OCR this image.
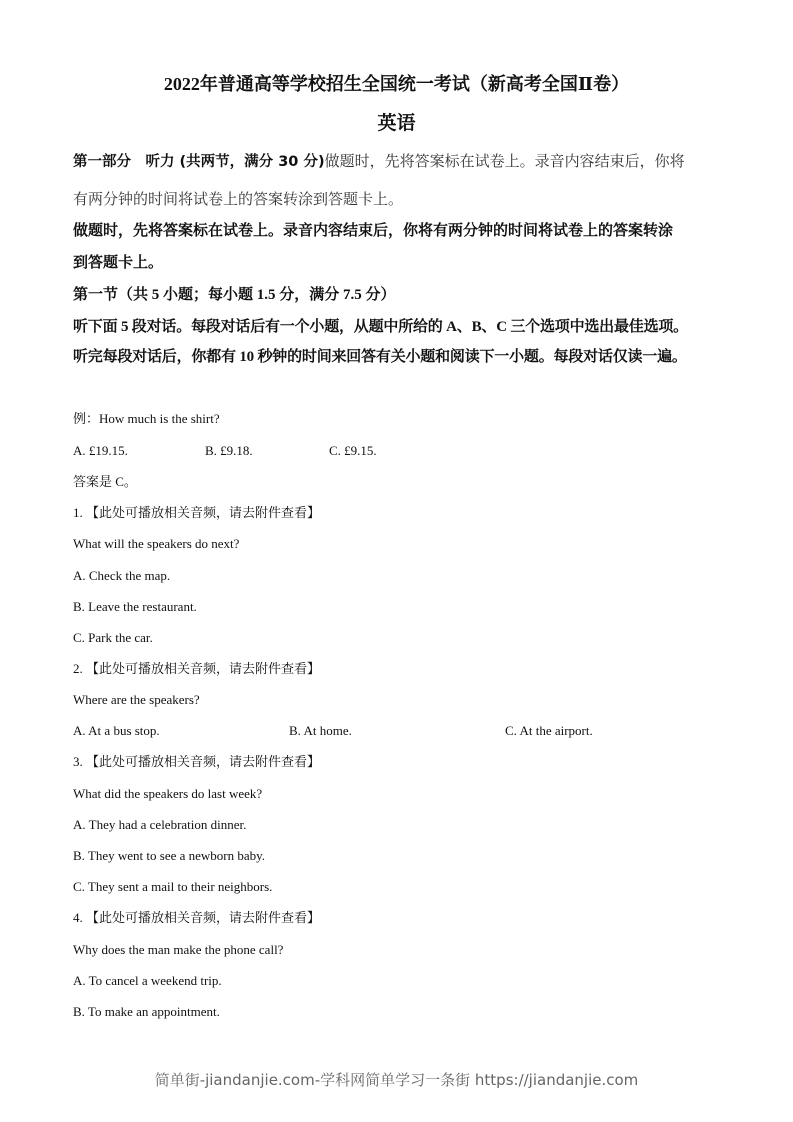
2022年普通高等学校招生全国统一考试（新高考全国Ⅱ卷）
英语
第一部分　听力 (共两节，满分 30 分)做题时，先将答案标在试卷上。录音内容结束后，你将
有两分钟的时间将试卷上的答案转涂到答题卡上。
做题时，先将答案标在试卷上。录音内容结束后，你将有两分钟的时间将试卷上的答案转涂
到答题卡上。
第一节（共 5 小题；每小题 1.5 分，满分 7.5 分）
听下面 5 段对话。每段对话后有一个小题，从题中所给的 A、B、C 三个选项中选出最佳选项。
听完每段对话后，你都有 10 秒钟的时间来回答有关小题和阅读下一小题。每段对话仅读一遍。
例：How much is the shirt?
A. £19.15.	B. £9.18.	C. £9.15.
答案是 C。
1. 【此处可播放相关音频，请去附件查看】
What will the speakers do next?
A. Check the map.
B. Leave the restaurant.
C. Park the car.
2. 【此处可播放相关音频，请去附件查看】
Where are the speakers?
A. At a bus stop.	B. At home.	C. At the airport.
3. 【此处可播放相关音频，请去附件查看】
What did the speakers do last week?
A. They had a celebration dinner.
B. They went to see a newborn baby.
C. They sent a mail to their neighbors.
4. 【此处可播放相关音频，请去附件查看】
Why does the man make the phone call?
A. To cancel a weekend trip.
B. To make an appointment.
简单街-jiandanjie.com-学科网简单学习一条街 https://jiandanjie.com
